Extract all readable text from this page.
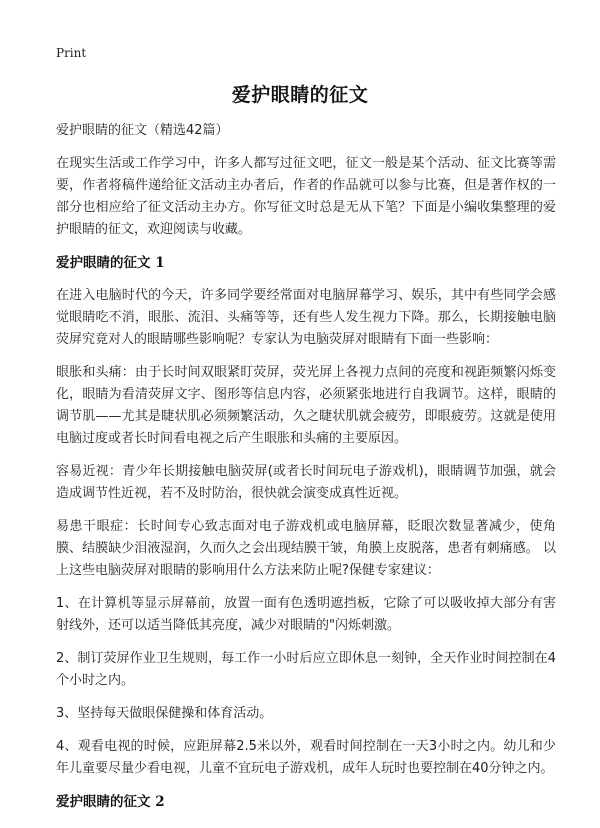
Print
爱护眼睛的征文

爱护眼睛的征文（精选42篇）

在现实生活或工作学习中，许多人都写过征文吧，征文一般是某个活动、征文比赛等需要，作者将稿件递给征文活动主办者后，作者的作品就可以参与比赛，但是著作权的一部分也相应给了征文活动主办方。你写征文时总是无从下笔？下面是小编收集整理的爱护眼睛的征文，欢迎阅读与收藏。

爱护眼睛的征文 1

在进入电脑时代的今天，许多同学要经常面对电脑屏幕学习、娱乐，其中有些同学会感觉眼睛吃不消，眼胀、流泪、头痛等等，还有些人发生视力下降。那么，长期接触电脑荧屏究竟对人的眼睛哪些影响呢？专家认为电脑荧屏对眼睛有下面一些影响：

眼胀和头痛：由于长时间双眼紧盯荧屏，荧光屏上各视力点间的亮度和视距频繁闪烁变化，眼睛为看清荧屏文字、图形等信息内容，必须紧张地进行自我调节。这样，眼睛的调节肌——尤其是睫状肌必须频繁活动，久之睫状肌就会疲劳，即眼疲劳。这就是使用电脑过度或者长时间看电视之后产生眼胀和头痛的主要原因。

容易近视：青少年长期接触电脑荧屏(或者长时间玩电子游戏机)，眼睛调节加强，就会造成调节性近视，若不及时防治，很快就会演变成真性近视。

易患干眼症：长时间专心致志面对电子游戏机或电脑屏幕，眨眼次数显著减少，使角膜、结膜缺少泪液湿润，久而久之会出现结膜干皱，角膜上皮脱落，患者有刺痛感。 以上这些电脑荧屏对眼睛的影响用什么方法来防止呢?保健专家建议：

1、在计算机等显示屏幕前，放置一面有色透明遮挡板，它除了可以吸收掉大部分有害射线外，还可以适当降低其亮度，减少对眼睛的"闪烁刺激。

2、制订荧屏作业卫生规则，每工作一小时后应立即休息一刻钟，全天作业时间控制在4个小时之内。

3、坚持每天做眼保健操和体育活动。

4、观看电视的时候，应距屏幕2.5米以外，观看时间控制在一天3小时之内。幼儿和少年儿童要尽量少看电视，儿童不宜玩电子游戏机，成年人玩时也要控制在40分钟之内。

爱护眼睛的征文 2
